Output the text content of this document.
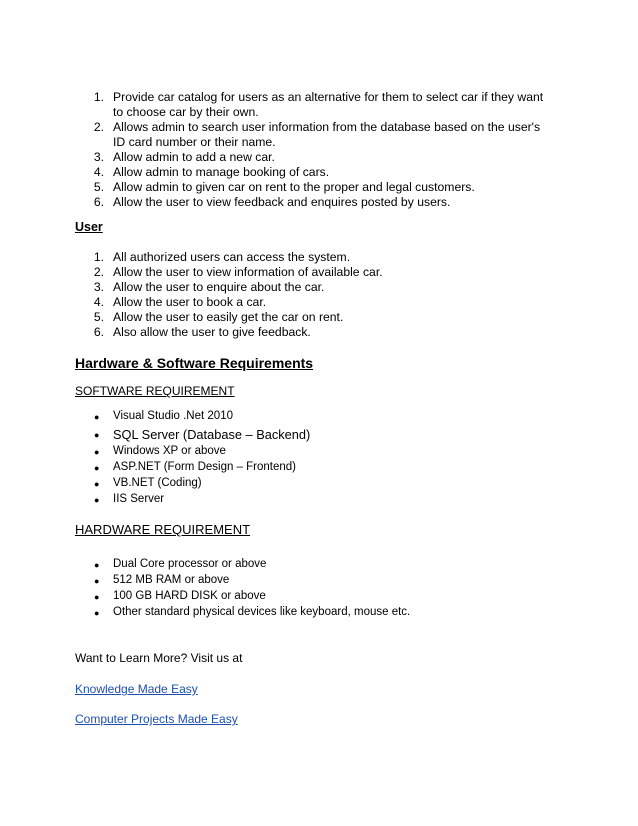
1. Provide car catalog for users as an alternative for them to select car if they want
to choose car by their own.
2. Allows admin to search user information from the database based on the user's
ID card number or their name.
3. Allow admin to add a new car.
4. Allow admin to manage booking of cars.
5. Allow admin to given car on rent to the proper and legal customers.
6. Allow the user to view feedback and enquires posted by users.
User
1. All authorized users can access the system.
2. Allow the user to view information of available car.
3. Allow the user to enquire about the car.
4. Allow the user to book a car.
5. Allow the user to easily get the car on rent.
6. Also allow the user to give feedback.
Hardware & Software Requirements
SOFTWARE REQUIREMENT
● Visual Studio .Net 2010
● SQL Server (Database – Backend)
● Windows XP or above
● ASP.NET (Form Design – Frontend)
● VB.NET (Coding)
● IIS Server
HARDWARE REQUIREMENT
● Dual Core processor or above
● 512 MB RAM or above
● 100 GB HARD DISK or above
● Other standard physical devices like keyboard, mouse etc.
Want to Learn More? Visit us at
Knowledge Made Easy
Computer Projects Made Easy
